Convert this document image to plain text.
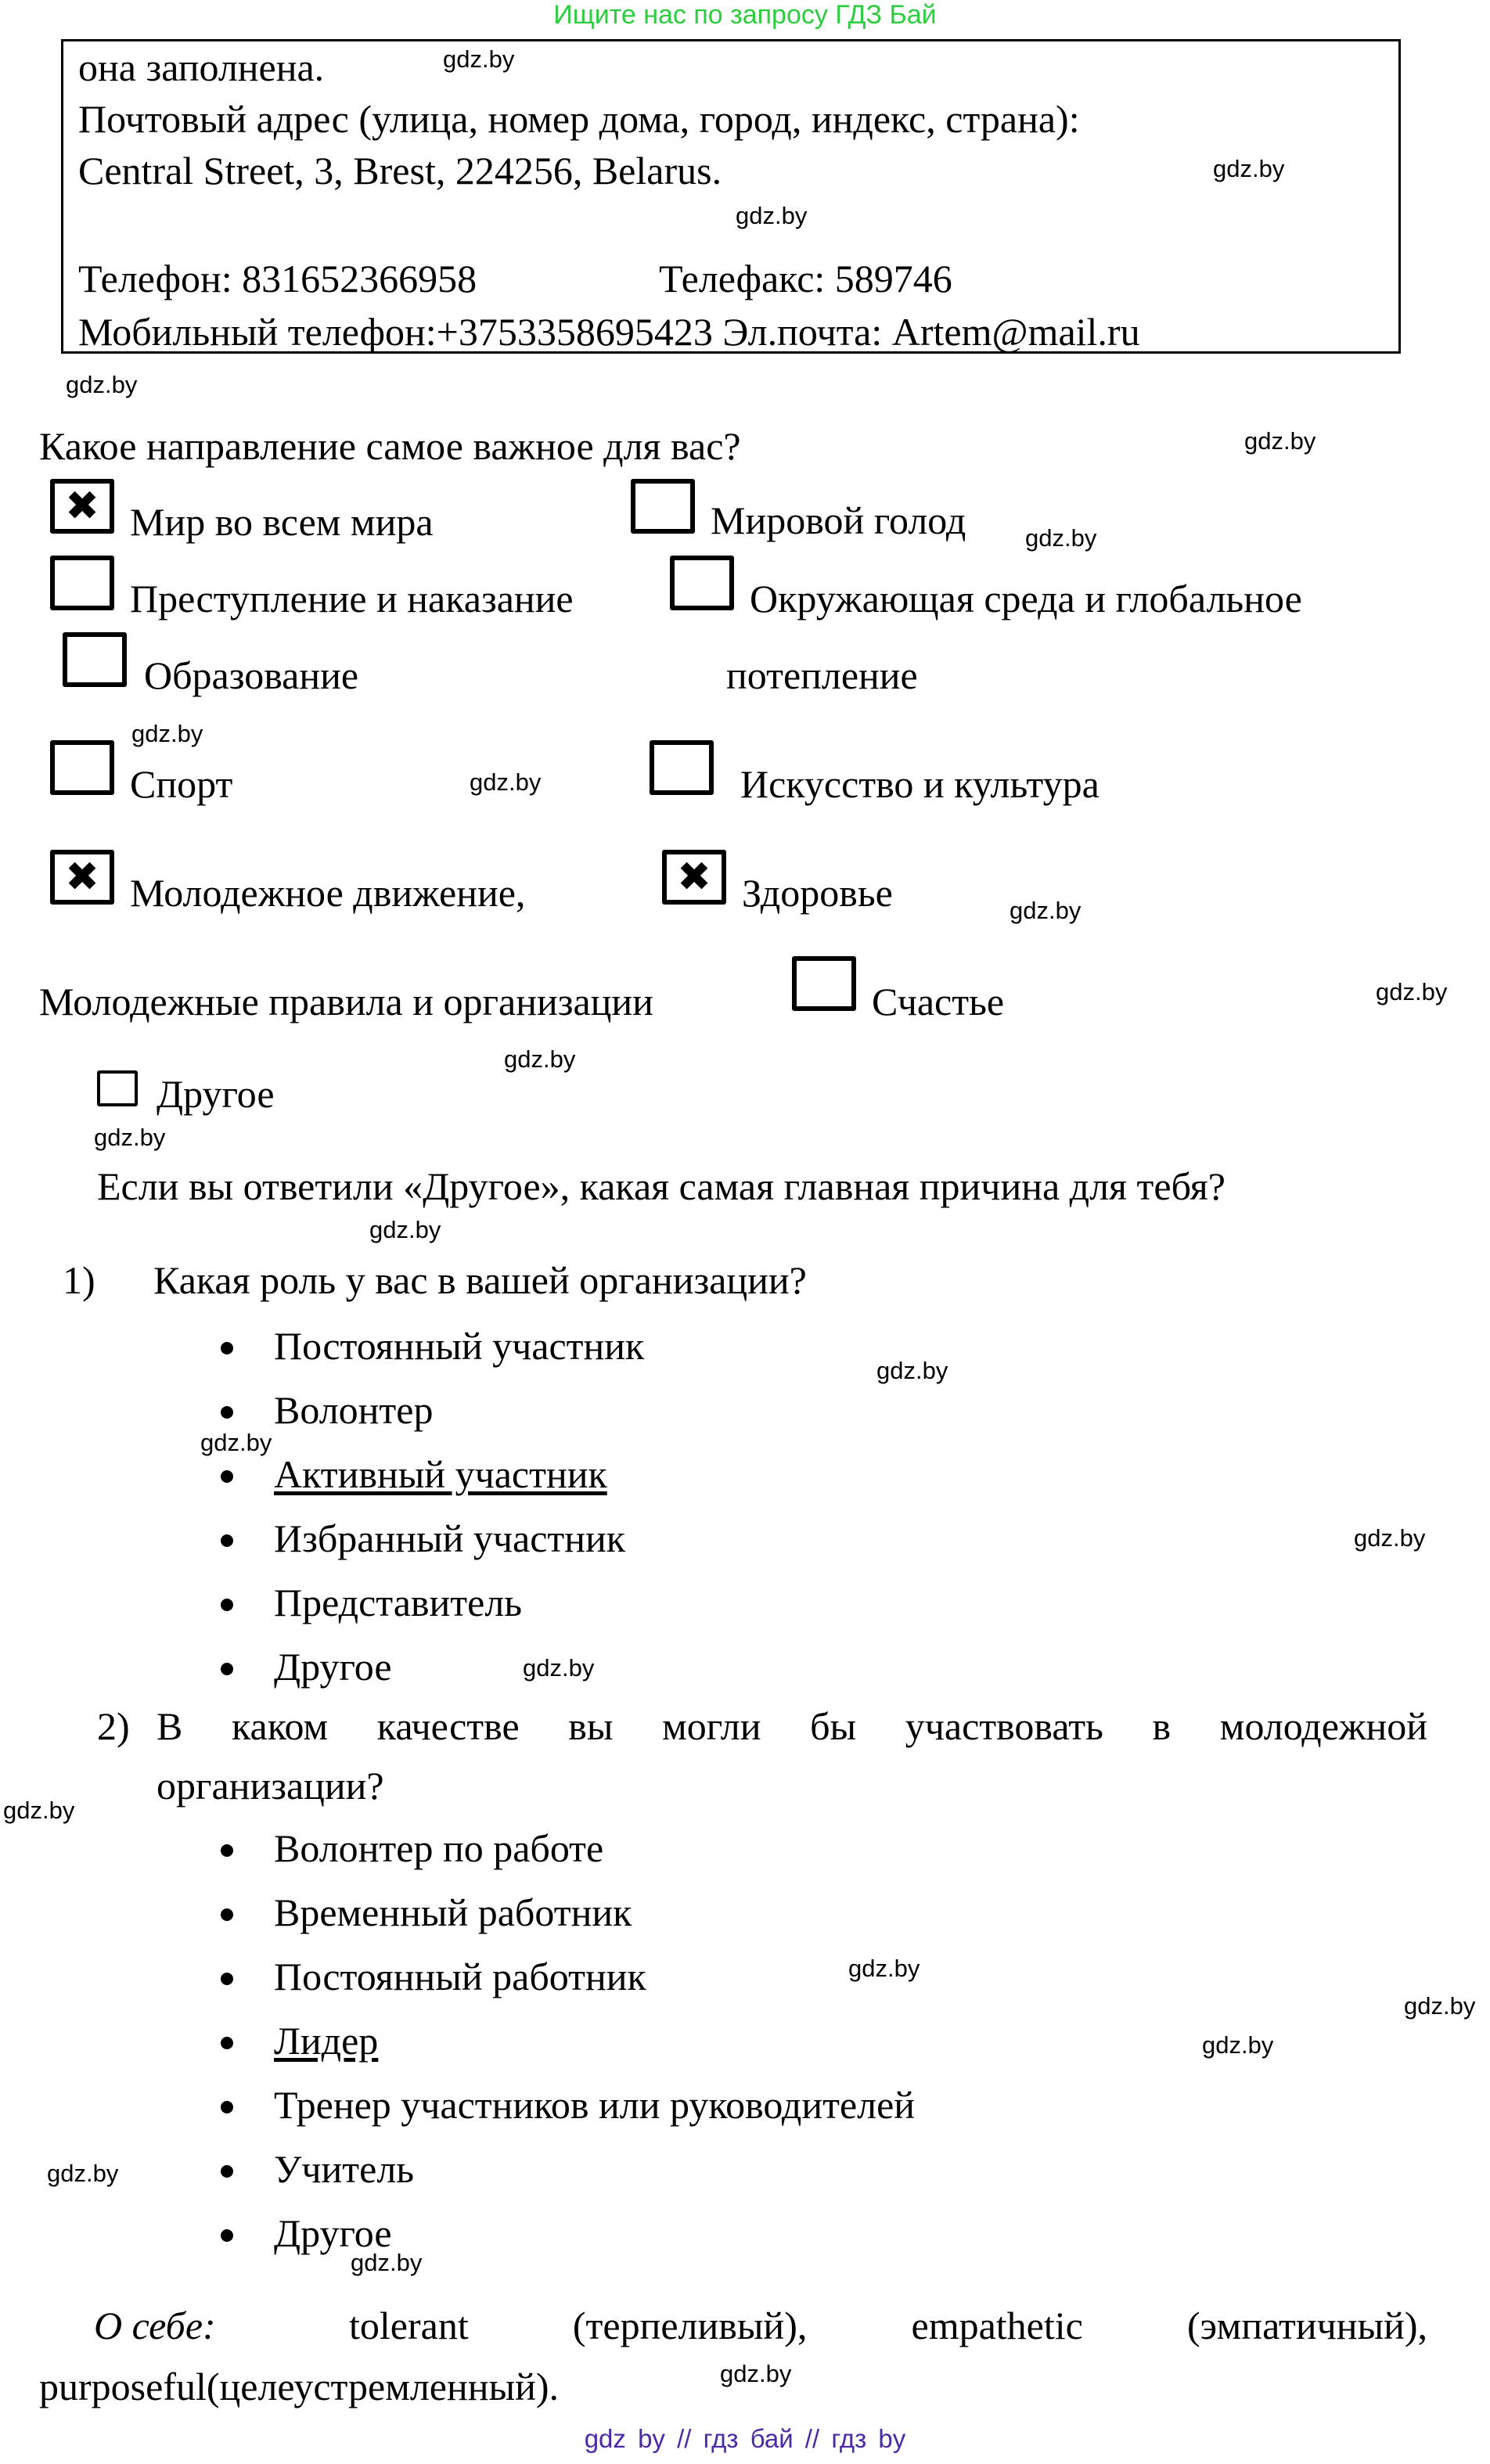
Ищите нас по запросу ГДЗ Бай
она заполнена.
Почтовый адрес (улица, номер дома, город, индекс, страна):
Central Street, 3, Brest, 224256, Belarus.
Телефон: 831652366958	Телефакс: 589746
Мобильный телефон:+3753358695423 Эл.почта: Artem@mail.ru
Какое направление самое важное для вас?
✖ Мир во всем мира	Мировой голод
Преступление и наказание	Окружающая среда и глобальное
потепление
Образование
Спорт	Искусство и культура
✖ Молодежное движение,	✖ Здоровье
Молодежные правила и организации	Счастье
Другое
Если вы ответили «Другое», какая самая главная причина для тебя?
1) Какая роль у вас в вашей организации?
Постоянный участник
Волонтер
Активный участник
Избранный участник
Представитель
Другое
2) В каком качестве вы могли бы участвовать в молодежной
организации?
Волонтер по работе
Временный работник
Постоянный работник
Лидер
Тренер участников или руководителей
Учитель
Другое
О себе:	tolerant (терпеливый), empathetic (эмпатичный),
purposeful(целеустремленный).
gdz.by
gdz.by
gdz.by
gdz.by
gdz.by
gdz.by
gdz.by
gdz.by
gdz.by
gdz.by
gdz.by
gdz.by
gdz.by
gdz.by
gdz.by
gdz.by
gdz.by
gdz.by
gdz.by
gdz.by
gdz.by
gdz.by
gdz.by
gdz.by
gdz by // гдз бай // гдз by
